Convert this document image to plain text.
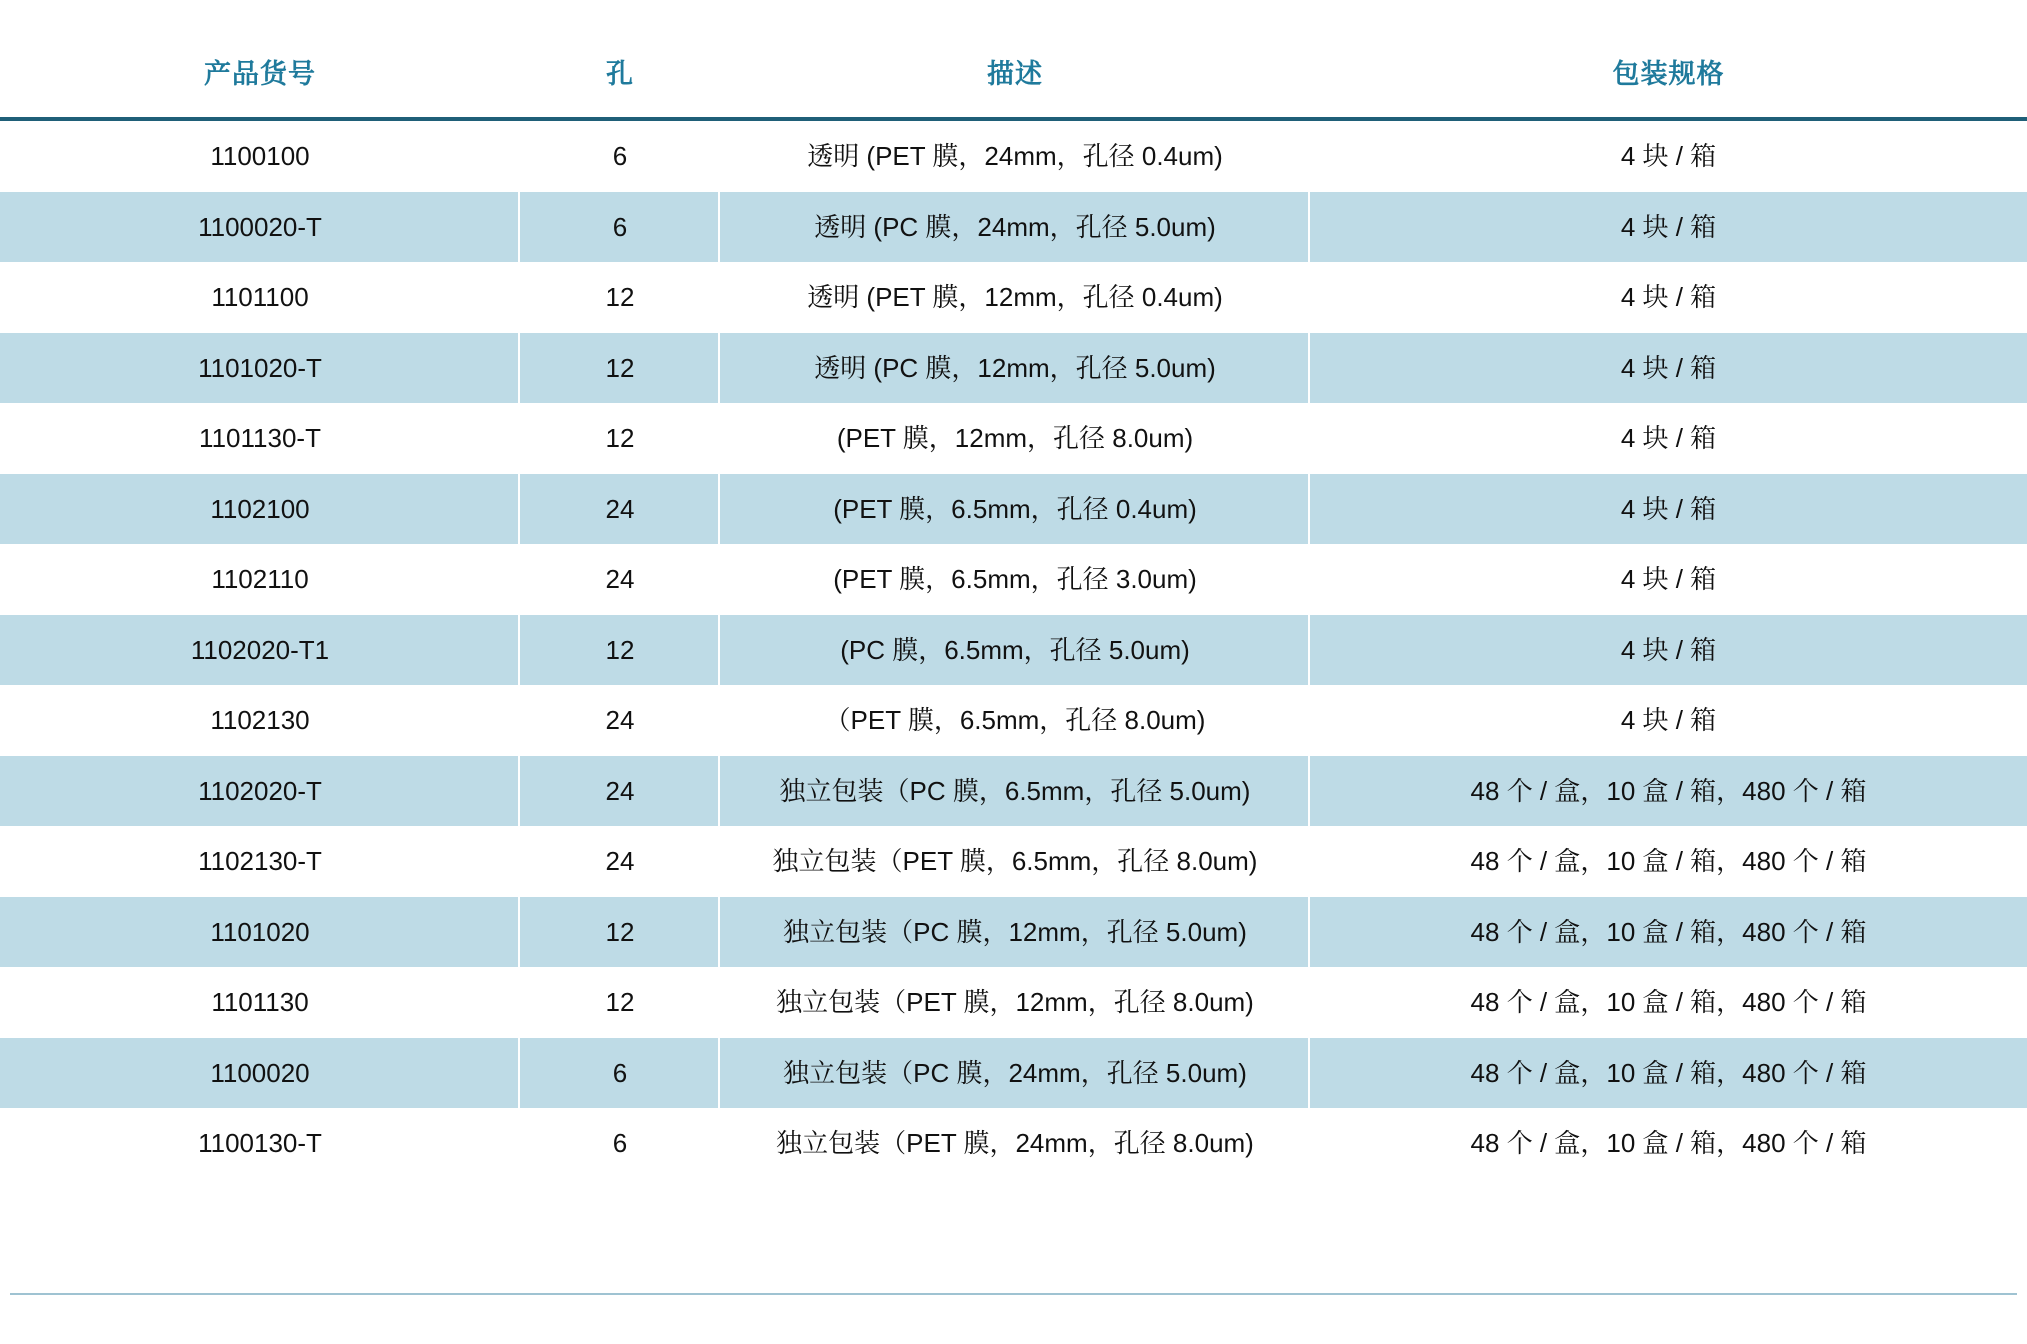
产品货号	孔	描述	包装规格
1100100	6	透明 (PET 膜，24mm，孔径 0.4um)	4 块 / 箱
1100020-T	6	透明 (PC 膜，24mm，孔径 5.0um)	4 块 / 箱
1101100	12	透明 (PET 膜，12mm，孔径 0.4um)	4 块 / 箱
1101020-T	12	透明 (PC 膜，12mm，孔径 5.0um)	4 块 / 箱
1101130-T	12	(PET 膜，12mm，孔径 8.0um)	4 块 / 箱
1102100	24	(PET 膜，6.5mm，孔径 0.4um)	4 块 / 箱
1102110	24	(PET 膜，6.5mm，孔径 3.0um)	4 块 / 箱
1102020-T1	12	(PC 膜，6.5mm，孔径 5.0um)	4 块 / 箱
1102130	24	（PET 膜，6.5mm，孔径 8.0um)	4 块 / 箱
1102020-T	24	独立包装（PC 膜，6.5mm，孔径 5.0um)	48 个 / 盒，10 盒 / 箱，480 个 / 箱
1102130-T	24	独立包装（PET 膜，6.5mm，孔径 8.0um)	48 个 / 盒，10 盒 / 箱，480 个 / 箱
1101020	12	独立包装（PC 膜，12mm，孔径 5.0um)	48 个 / 盒，10 盒 / 箱，480 个 / 箱
1101130	12	独立包装（PET 膜，12mm，孔径 8.0um)	48 个 / 盒，10 盒 / 箱，480 个 / 箱
1100020	6	独立包装（PC 膜，24mm，孔径 5.0um)	48 个 / 盒，10 盒 / 箱，480 个 / 箱
1100130-T	6	独立包装（PET 膜，24mm，孔径 8.0um)	48 个 / 盒，10 盒 / 箱，480 个 / 箱
